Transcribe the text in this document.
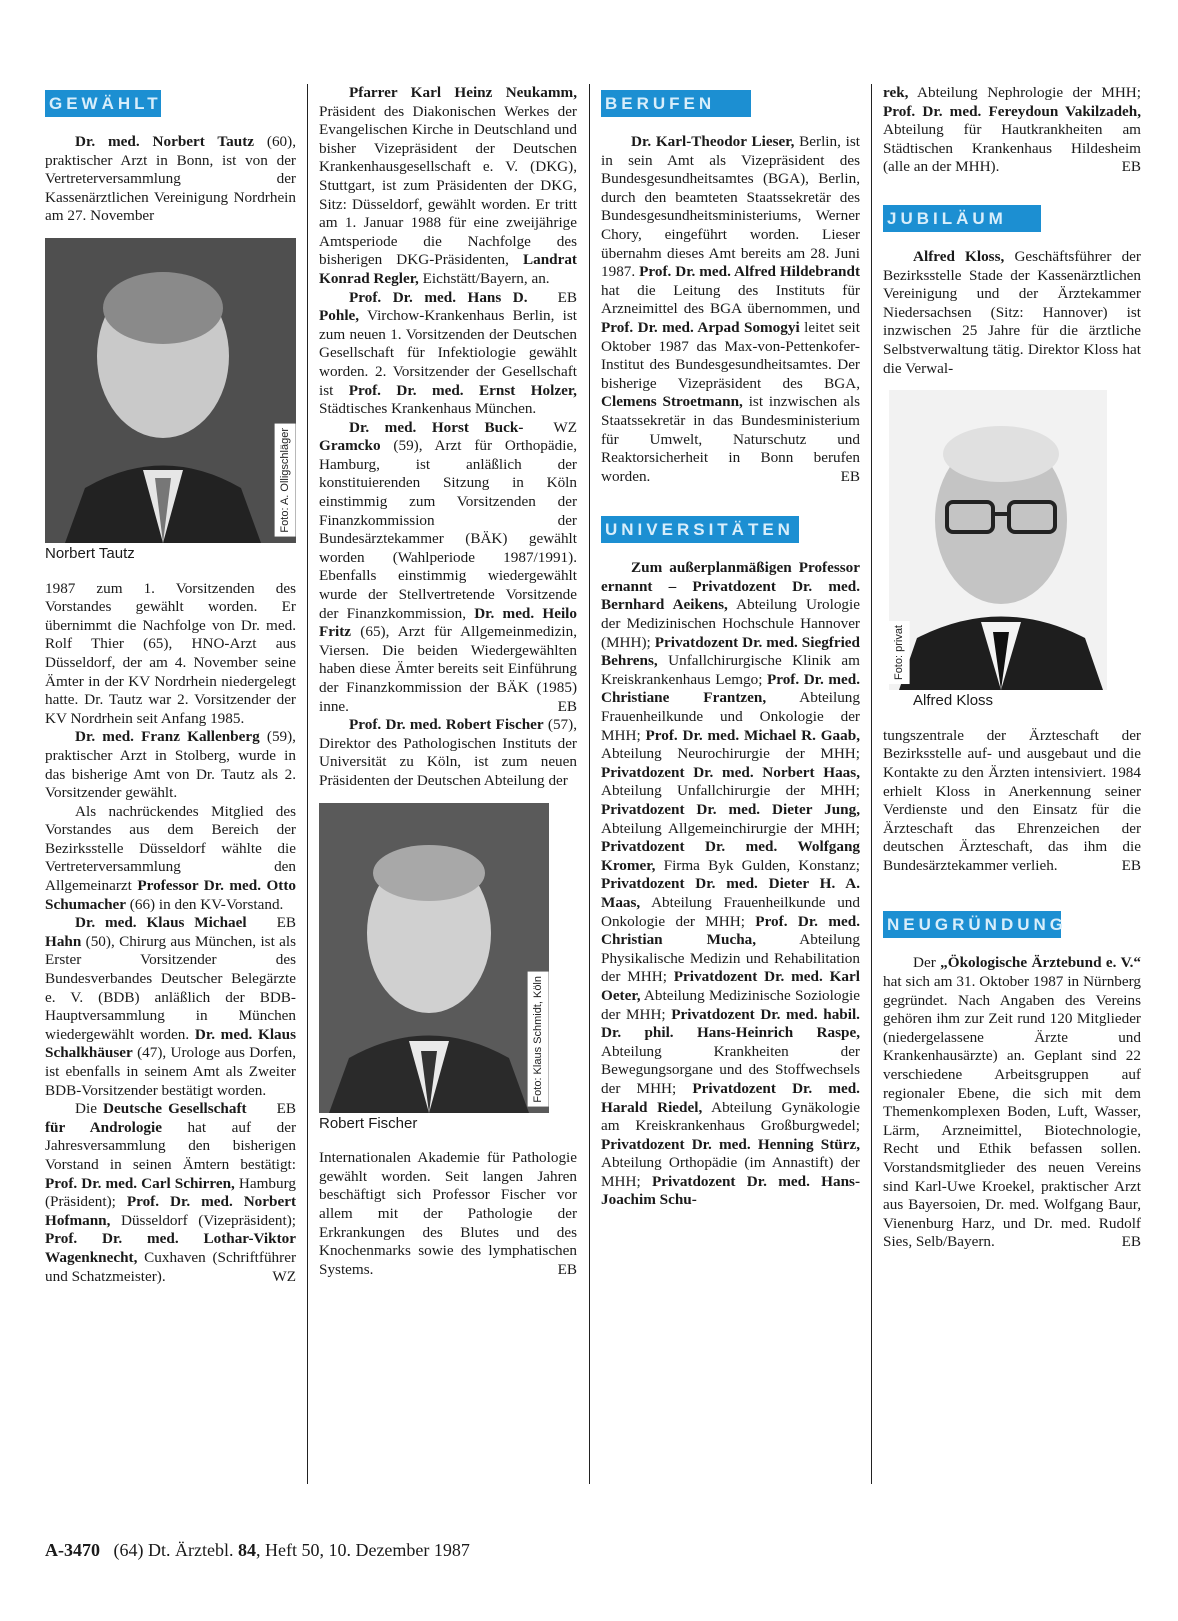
GEWÄHLT

Dr. med. Norbert Tautz (60), praktischer Arzt in Bonn, ist von der Vertreterversammlung der Kassenärztlichen Vereinigung Nordrhein am 27. November

Foto: A. Olligschläger
Norbert Tautz

1987 zum 1. Vorsitzenden des Vorstandes gewählt worden. Er übernimmt die Nachfolge von Dr. med. Rolf Thier (65), HNO-Arzt aus Düsseldorf, der am 4. November seine Ämter in der KV Nordrhein niedergelegt hatte. Dr. Tautz war 2. Vorsitzender der KV Nordrhein seit Anfang 1985.

Dr. med. Franz Kallenberg (59), praktischer Arzt in Stolberg, wurde in das bisherige Amt von Dr. Tautz als 2. Vorsitzender gewählt.

Als nachrückendes Mitglied des Vorstandes aus dem Bereich der Bezirksstelle Düsseldorf wählte die Vertreterversammlung den Allgemeinarzt Professor Dr. med. Otto Schumacher (66) in den KV-Vorstand.
EB

Dr. med. Klaus Michael Hahn (50), Chirurg aus München, ist als Erster Vorsitzender des Bundesverbandes Deutscher Belegärzte e. V. (BDB) anläßlich der BDB-Hauptversammlung in München wiedergewählt worden. Dr. med. Klaus Schalkhäuser (47), Urologe aus Dorfen, ist ebenfalls in seinem Amt als Zweiter BDB-Vorsitzender bestätigt worden.
EB

Die Deutsche Gesellschaft für Andrologie hat auf der Jahresversammlung den bisherigen Vorstand in seinen Ämtern bestätigt: Prof. Dr. med. Carl Schirren, Hamburg (Präsident); Prof. Dr. med. Norbert Hofmann, Düsseldorf (Vizepräsident); Prof. Dr. med. Lothar-Viktor Wagenknecht, Cuxhaven (Schriftführer und Schatzmeister).	WZ

Pfarrer Karl Heinz Neukamm, Präsident des Diakonischen Werkes der Evangelischen Kirche in Deutschland und bisher Vizepräsident der Deutschen Krankenhausgesellschaft e. V. (DKG), Stuttgart, ist zum Präsidenten der DKG, Sitz: Düsseldorf, gewählt worden. Er tritt am 1. Januar 1988 für eine zweijährige Amtsperiode die Nachfolge des bisherigen DKG-Präsidenten, Landrat Konrad Regler, Eichstätt/Bayern, an.
EB

Prof. Dr. med. Hans D. Pohle, Virchow-Krankenhaus Berlin, ist zum neuen 1. Vorsitzenden der Deutschen Gesellschaft für Infektiologie gewählt worden. 2. Vorsitzender der Gesellschaft ist Prof. Dr. med. Ernst Holzer, Städtisches Krankenhaus München.
WZ

Dr. med. Horst Buck-Gramcko (59), Arzt für Orthopädie, Hamburg, ist anläßlich der konstituierenden Sitzung in Köln einstimmig zum Vorsitzenden der Finanzkommission der Bundesärztekammer (BÄK) gewählt worden (Wahlperiode 1987/1991). Ebenfalls einstimmig wiedergewählt wurde der Stellvertretende Vorsitzende der Finanzkommission, Dr. med. Heilo Fritz (65), Arzt für Allgemeinmedizin, Viersen. Die beiden Wiedergewählten haben diese Ämter bereits seit Einführung der Finanzkommission der BÄK (1985) inne.	EB

Prof. Dr. med. Robert Fischer (57), Direktor des Pathologischen Instituts der Universität zu Köln, ist zum neuen Präsidenten der Deutschen Abteilung der

Foto: Klaus Schmidt, Köln
Robert Fischer

Internationalen Akademie für Pathologie gewählt worden. Seit langen Jahren beschäftigt sich Professor Fischer vor allem mit der Pathologie der Erkrankungen des Blutes und des Knochenmarks sowie des lymphatischen Systems.	EB

BERUFEN

Dr. Karl-Theodor Lieser, Berlin, ist in sein Amt als Vizepräsident des Bundesgesundheitsamtes (BGA), Berlin, durch den beamteten Staatssekretär des Bundesgesundheitsministeriums, Werner Chory, eingeführt worden. Lieser übernahm dieses Amt bereits am 28. Juni 1987. Prof. Dr. med. Alfred Hildebrandt hat die Leitung des Instituts für Arzneimittel des BGA übernommen, und Prof. Dr. med. Arpad Somogyi leitet seit Oktober 1987 das Max-von-Pettenkofer-Institut des Bundesgesundheitsamtes. Der bisherige Vizepräsident des BGA, Clemens Stroetmann, ist inzwischen als Staatssekretär in das Bundesministerium für Umwelt, Naturschutz und Reaktorsicherheit in Bonn berufen worden.	EB

UNIVERSITÄTEN

Zum außerplanmäßigen Professor ernannt – Privatdozent Dr. med. Bernhard Aeikens, Abteilung Urologie der Medizinischen Hochschule Hannover (MHH); Privatdozent Dr. med. Siegfried Behrens, Unfallchirurgische Klinik am Kreiskrankenhaus Lemgo; Prof. Dr. med. Christiane Frantzen, Abteilung Frauenheilkunde und Onkologie der MHH; Prof. Dr. med. Michael R. Gaab, Abteilung Neurochirurgie der MHH; Privatdozent Dr. med. Norbert Haas, Abteilung Unfallchirurgie der MHH; Privatdozent Dr. med. Dieter Jung, Abteilung Allgemeinchirurgie der MHH; Privatdozent Dr. med. Wolfgang Kromer, Firma Byk Gulden, Konstanz; Privatdozent Dr. med. Dieter H. A. Maas, Abteilung Frauenheilkunde und Onkologie der MHH; Prof. Dr. med. Christian Mucha, Abteilung Physikalische Medizin und Rehabilitation der MHH; Privatdozent Dr. med. Karl Oeter, Abteilung Medizinische Soziologie der MHH; Privatdozent Dr. med. habil. Dr. phil. Hans-Heinrich Raspe, Abteilung Krankheiten der Bewegungsorgane und des Stoffwechsels der MHH; Privatdozent Dr. med. Harald Riedel, Abteilung Gynäkologie am Kreiskrankenhaus Großburgwedel; Privatdozent Dr. med. Henning Stürz, Abteilung Orthopädie (im Annastift) der MHH; Privatdozent Dr. med. Hans-Joachim Schu-

rek, Abteilung Nephrologie der MHH; Prof. Dr. med. Fereydoun Vakilzadeh, Abteilung für Hautkrankheiten am Städtischen Krankenhaus Hildesheim (alle an der MHH).	EB

JUBILÄUM

Alfred Kloss, Geschäftsführer der Bezirksstelle Stade der Kassenärztlichen Vereinigung und der Ärztekammer Niedersachsen (Sitz: Hannover) ist inzwischen 25 Jahre für die ärztliche Selbstverwaltung tätig. Direktor Kloss hat die Verwal-

Foto: privat
Alfred Kloss

tungszentrale der Ärzteschaft der Bezirksstelle auf- und ausgebaut und die Kontakte zu den Ärzten intensiviert. 1984 erhielt Kloss in Anerkennung seiner Verdienste und den Einsatz für die Ärzteschaft das Ehrenzeichen der deutschen Ärzteschaft, das ihm die Bundesärztekammer verlieh.	EB

NEUGRÜNDUNG

Der „Ökologische Ärztebund e. V.“ hat sich am 31. Oktober 1987 in Nürnberg gegründet. Nach Angaben des Vereins gehören ihm zur Zeit rund 120 Mitglieder (niedergelassene Ärzte und Krankenhausärzte) an. Geplant sind 22 verschiedene Arbeitsgruppen auf regionaler Ebene, die sich mit dem Themenkomplexen Boden, Luft, Wasser, Lärm, Arzneimittel, Biotechnologie, Recht und Ethik befassen sollen. Vorstandsmitglieder des neuen Vereins sind Karl-Uwe Kroekel, praktischer Arzt aus Bayersoien, Dr. med. Wolfgang Baur, Vienenburg Harz, und Dr. med. Rudolf Sies, Selb/Bayern.	EB

A-3470 (64) Dt. Ärztebl. 84, Heft 50, 10. Dezember 1987
